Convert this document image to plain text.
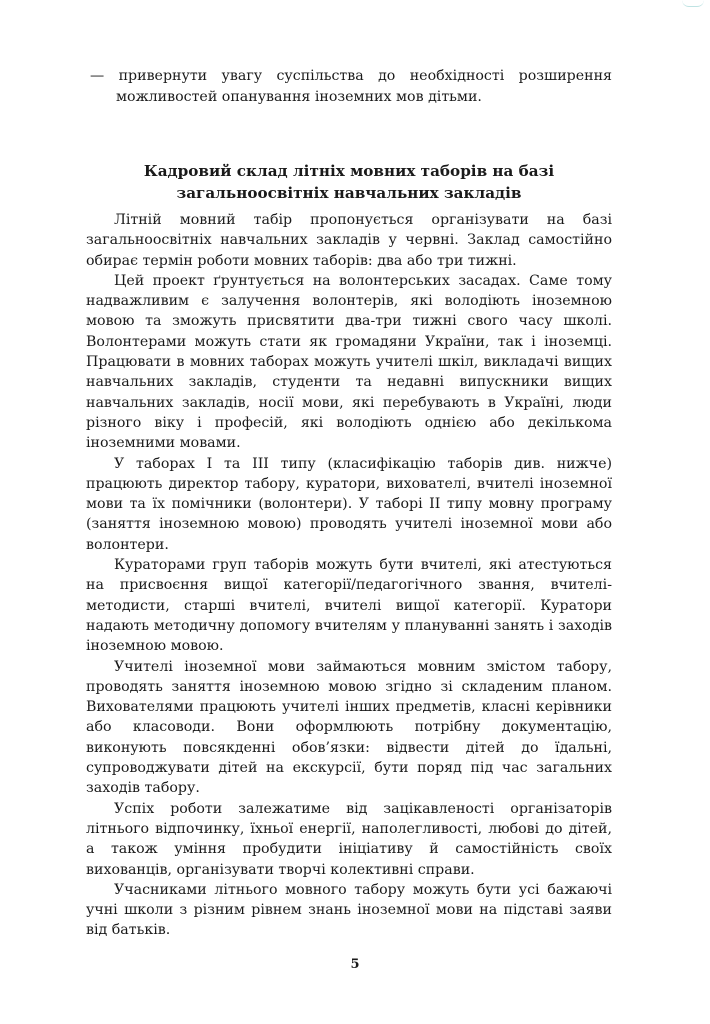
— привернути увагу суспільства до необхідності розширення можливостей опанування іноземних мов дітьми.

Кадровий склад літніх мовних таборів на базі
загальноосвітніх навчальних закладів

Літній мовний табір пропонується організувати на базі загальноосвітніх навчальних закладів у червні. Заклад самостійно обирає термін роботи мовних таборів: два або три тижні.

Цей проект ґрунтується на волонтерських засадах. Саме тому надважливим є залучення волонтерів, які володіють іноземною мовою та зможуть присвятити два-три тижні свого часу школі. Волонтерами можуть стати як громадяни України, так і іноземці. Працювати в мовних таборах можуть учителі шкіл, викладачі вищих навчальних закладів, студенти та недавні випускники вищих навчальних закладів, носії мови, які перебувають в Україні, люди різного віку і професій, які володіють однією або декількома іноземними мовами.

У таборах І та ІІІ типу (класифікацію таборів див. нижче) працюють директор табору, куратори, вихователі, вчителі іноземної мови та їх помічники (волонтери). У таборі ІІ типу мовну програму (заняття іноземною мовою) проводять учителі іноземної мови або волонтери.

Кураторами груп таборів можуть бути вчителі, які атестуються на присвоєння вищої категорії/педагогічного звання, вчителі-методисти, старші вчителі, вчителі вищої категорії. Куратори надають методичну допомогу вчителям у плануванні занять і заходів іноземною мовою.

Учителі іноземної мови займаються мовним змістом табору, проводять заняття іноземною мовою згідно зі складеним планом. Вихователями працюють учителі інших предметів, класні керівники або класоводи. Вони оформлюють потрібну документацію, виконують повсякденні обов’язки: відвести дітей до їдальні, супроводжувати дітей на екскурсії, бути поряд під час загальних заходів табору.

Успіх роботи залежатиме від зацікавленості організаторів літнього відпочинку, їхньої енергії, наполегливості, любові до дітей, а також уміння пробудити ініціативу й самостійність своїх вихованців, організувати творчі колективні справи.

Учасниками літнього мовного табору можуть бути усі бажаючі учні школи з різним рівнем знань іноземної мови на підставі заяви від батьків.

5
